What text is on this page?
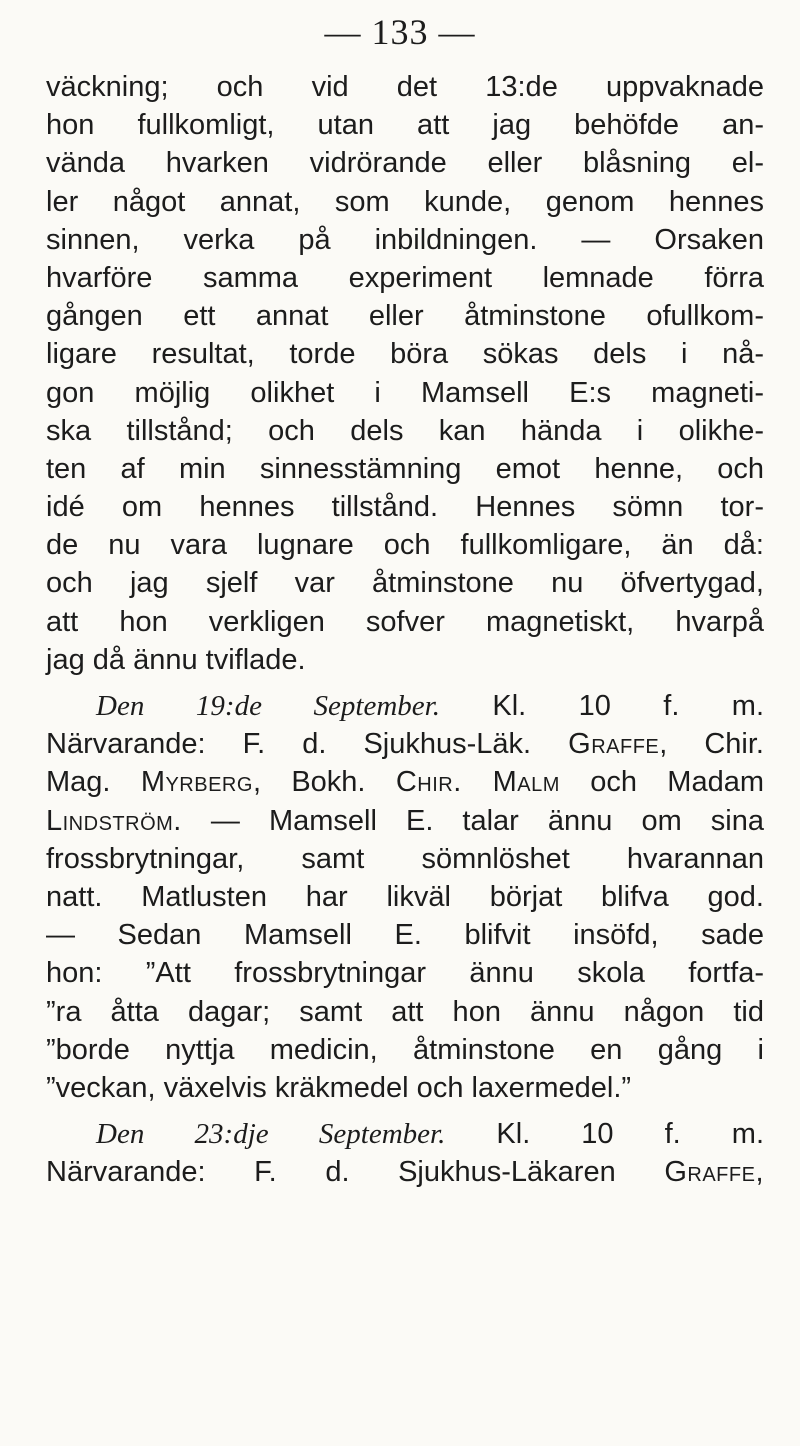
— 133 —
väckning; och vid det 13:de uppvaknade
hon fullkomligt, utan att jag behöfde an-
vända hvarken vidrörande eller blåsning el-
ler något annat, som kunde, genom hennes
sinnen, verka på inbildningen. — Orsaken
hvarföre samma experiment lemnade förra
gången ett annat eller åtminstone ofullkom-
ligare resultat, torde böra sökas dels i nå-
gon möjlig olikhet i Mamsell E:s magneti-
ska tillstånd; och dels kan hända i olikhe-
ten af min sinnesstämning emot henne, och
idé om hennes tillstånd. Hennes sömn tor-
de nu vara lugnare och fullkomligare, än då:
och jag sjelf var åtminstone nu öfvertygad,
att hon verkligen sofver magnetiskt, hvarpå
jag då ännu tviflade.
Den 19:de September. Kl. 10 f. m.
Närvarande: F. d. Sjukhus-Läk. Graffe, Chir.
Mag. Myrberg, Bokh. Chir. Malm och Madam
Lindström. — Mamsell E. talar ännu om sina
frossbrytningar, samt sömnlöshet hvarannan
natt. Matlusten har likväl börjat blifva god.
— Sedan Mamsell E. blifvit insöfd, sade
hon: ”Att frossbrytningar ännu skola fortfa-
”ra åtta dagar; samt att hon ännu någon tid
”borde nyttja medicin, åtminstone en gång i
”veckan, växelvis kräkmedel och laxermedel.”
Den 23:dje September. Kl. 10 f. m.
Närvarande: F. d. Sjukhus-Läkaren Graffe,
